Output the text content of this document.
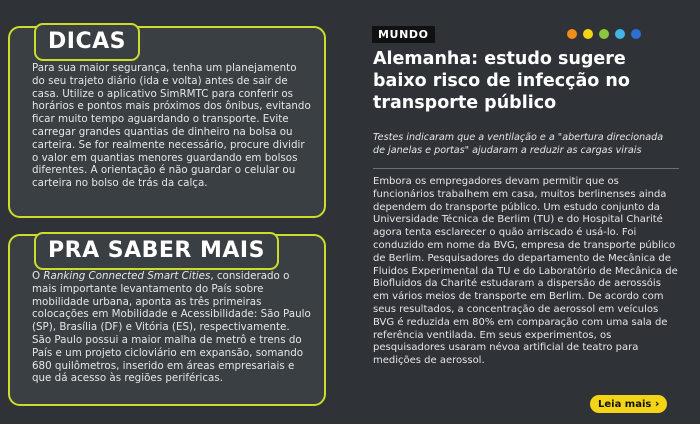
DICAS
Para sua maior segurança, tenha um planejamento do seu trajeto diário (ida e volta) antes de sair de casa. Utilize o aplicativo SimRMTC para conferir os horários e pontos mais próximos dos ônibus, evitando ficar muito tempo aguardando o transporte. Evite carregar grandes quantias de dinheiro na bolsa ou carteira. Se for realmente necessário, procure dividir o valor em quantias menores guardando em bolsos diferentes. A orientação é não guardar o celular ou carteira no bolso de trás da calça.
PRA SABER MAIS
O Ranking Connected Smart Cities, considerado o mais importante levantamento do País sobre mobilidade urbana, aponta as três primeiras colocações em Mobilidade e Acessibilidade: São Paulo (SP), Brasília (DF) e Vitória (ES), respectivamente. São Paulo possui a maior malha de metrô e trens do País e um projeto cicloviário em expansão, somando 680 quilômetros, inserido em áreas empresariais e que dá acesso às regiões periféricas.
MUNDO
Alemanha: estudo sugere baixo risco de infecção no transporte público
Testes indicaram que a ventilação e a "abertura direcionada de janelas e portas" ajudaram a reduzir as cargas virais
Embora os empregadores devam permitir que os funcionários trabalhem em casa, muitos berlinenses ainda dependem do transporte público. Um estudo conjunto da Universidade Técnica de Berlim (TU) e do Hospital Charité agora tenta esclarecer o quão arriscado é usá-lo. Foi conduzido em nome da BVG, empresa de transporte público de Berlim. Pesquisadores do departamento de Mecânica de Fluidos Experimental da TU e do Laboratório de Mecânica de Biofluidos da Charité estudaram a dispersão de aerossóis em vários meios de transporte em Berlim. De acordo com seus resultados, a concentração de aerossol em veículos BVG é reduzida em 80% em comparação com uma sala de referência ventilada. Em seus experimentos, os pesquisadores usaram névoa artificial de teatro para medições de aerossol.
Leia mais ›
